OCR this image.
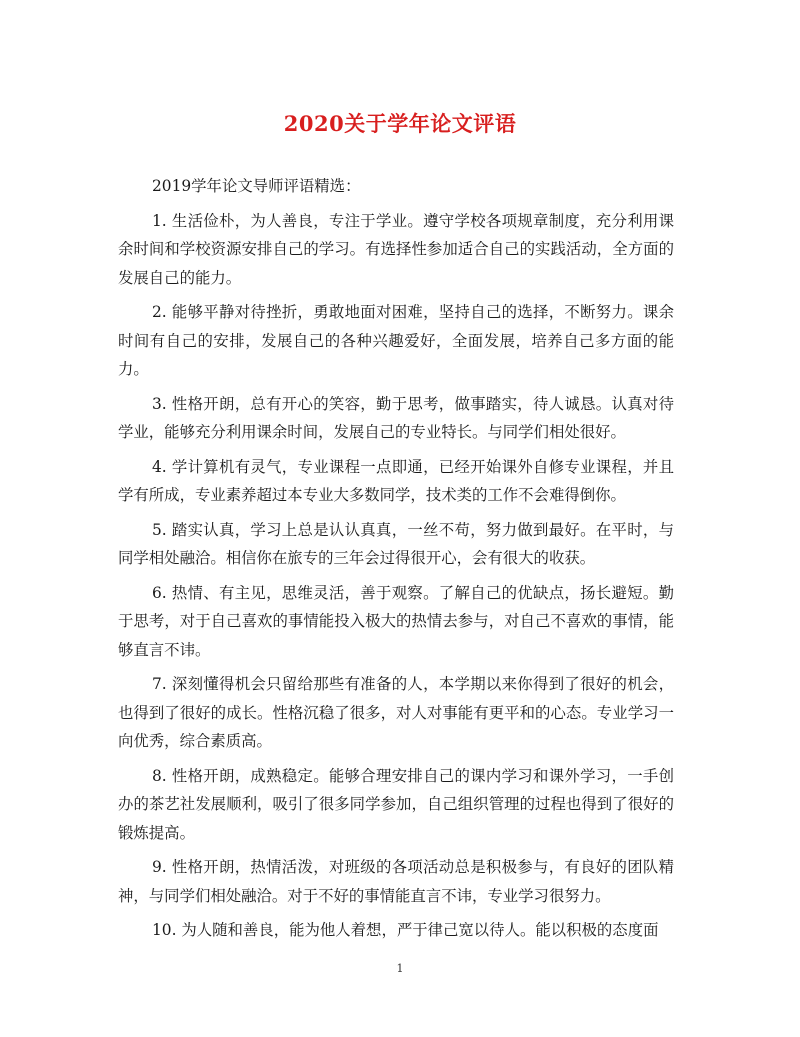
2020关于学年论文评语

2019学年论文导师评语精选：

1. 生活俭朴，为人善良，专注于学业。遵守学校各项规章制度，充分利用课余时间和学校资源安排自己的学习。有选择性参加适合自己的实践活动，全方面的发展自己的能力。

2. 能够平静对待挫折，勇敢地面对困难，坚持自己的选择，不断努力。课余时间有自己的安排，发展自己的各种兴趣爱好，全面发展，培养自己多方面的能力。

3. 性格开朗，总有开心的笑容，勤于思考，做事踏实，待人诚恳。认真对待学业，能够充分利用课余时间，发展自己的专业特长。与同学们相处很好。

4. 学计算机有灵气，专业课程一点即通，已经开始课外自修专业课程，并且学有所成，专业素养超过本专业大多数同学，技术类的工作不会难得倒你。

5. 踏实认真，学习上总是认认真真，一丝不苟，努力做到最好。在平时，与同学相处融洽。相信你在旅专的三年会过得很开心，会有很大的收获。

6. 热情、有主见，思维灵活，善于观察。了解自己的优缺点，扬长避短。勤于思考，对于自己喜欢的事情能投入极大的热情去参与，对自己不喜欢的事情，能够直言不讳。

7. 深刻懂得机会只留给那些有准备的人，本学期以来你得到了很好的机会，也得到了很好的成长。性格沉稳了很多，对人对事能有更平和的心态。专业学习一向优秀，综合素质高。

8. 性格开朗，成熟稳定。能够合理安排自己的课内学习和课外学习，一手创办的茶艺社发展顺利，吸引了很多同学参加，自己组织管理的过程也得到了很好的锻炼提高。

9. 性格开朗，热情活泼，对班级的各项活动总是积极参与，有良好的团队精神，与同学们相处融洽。对于不好的事情能直言不讳，专业学习很努力。

10. 为人随和善良，能为他人着想，严于律己宽以待人。能以积极的态度面

1
